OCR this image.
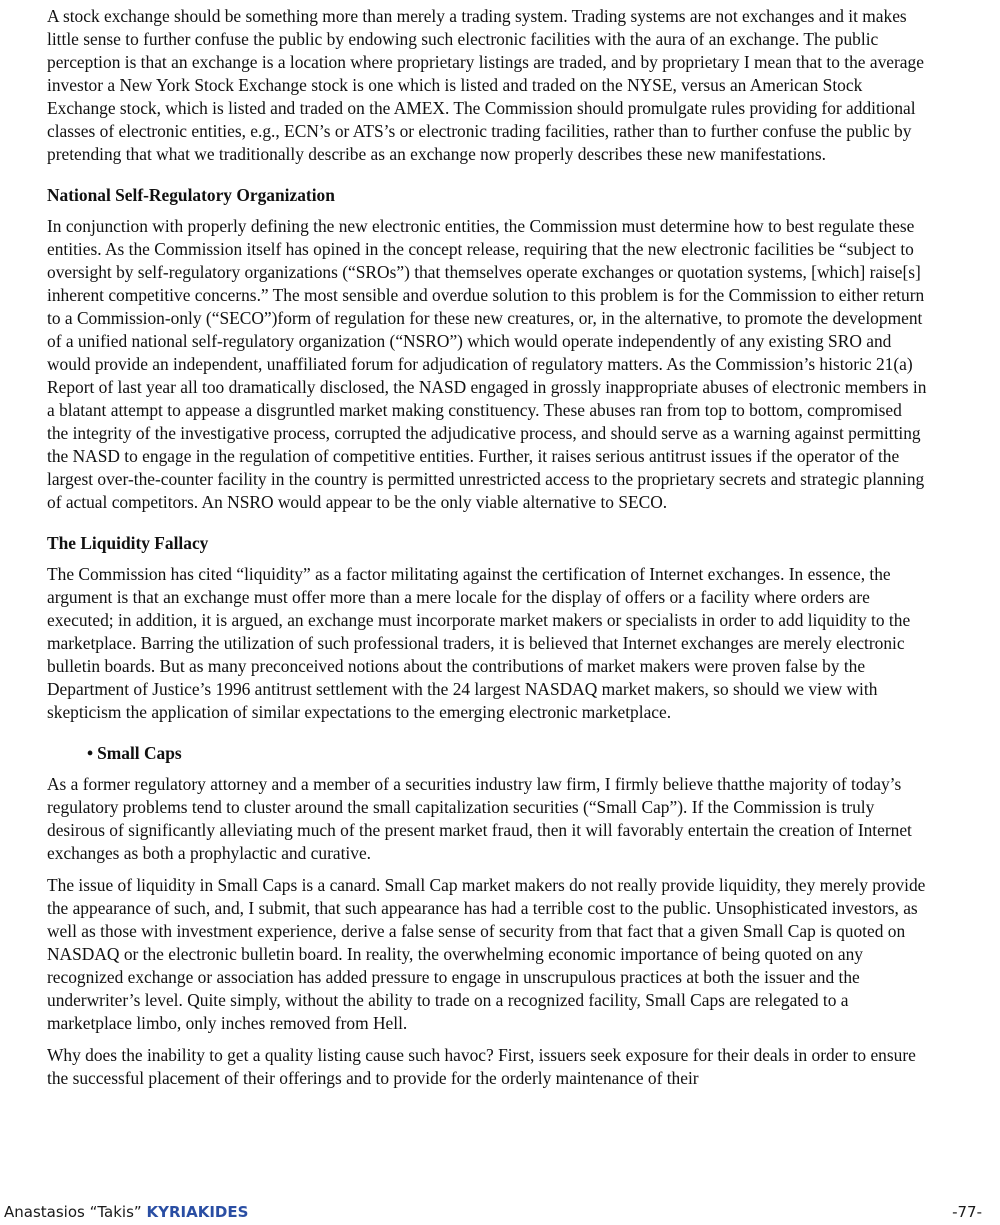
A stock exchange should be something more than merely a trading system. Trading systems are not exchanges and it makes little sense to further confuse the public by endowing such electronic facilities with the aura of an exchange. The public perception is that an exchange is a location where proprietary listings are traded, and by proprietary I mean that to the average investor a New York Stock Exchange stock is one which is listed and traded on the NYSE, versus an American Stock Exchange stock, which is listed and traded on the AMEX. The Commission should promulgate rules providing for additional classes of electronic entities, e.g., ECN’s or ATS’s or electronic trading facilities, rather than to further confuse the public by pretending that what we traditionally describe as an exchange now properly describes these new manifestations.

National Self-Regulatory Organization

In conjunction with properly defining the new electronic entities, the Commission must determine how to best regulate these entities. As the Commission itself has opined in the concept release, requiring that the new electronic facilities be “subject to oversight by self-regulatory organizations (“SROs”) that themselves operate exchanges or quotation systems, [which] raise[s] inherent competitive concerns.” The most sensible and overdue solution to this problem is for the Commission to either return to a Commission-only (“SECO”)form of regulation for these new creatures, or, in the alternative, to promote the development of a unified national self-regulatory organization (“NSRO”) which would operate independently of any existing SRO and would provide an independent, unaffiliated forum for adjudication of regulatory matters. As the Commission’s historic 21(a) Report of last year all too dramatically disclosed, the NASD engaged in grossly inappropriate abuses of electronic members in a blatant attempt to appease a disgruntled market making constituency. These abuses ran from top to bottom, compromised the integrity of the investigative process, corrupted the adjudicative process, and should serve as a warning against permitting the NASD to engage in the regulation of competitive entities. Further, it raises serious antitrust issues if the operator of the largest over-the-counter facility in the country is permitted unrestricted access to the proprietary secrets and strategic planning of actual competitors. An NSRO would appear to be the only viable alternative to SECO.

The Liquidity Fallacy

The Commission has cited “liquidity” as a factor militating against the certification of Internet exchanges. In essence, the argument is that an exchange must offer more than a mere locale for the display of offers or a facility where orders are executed; in addition, it is argued, an exchange must incorporate market makers or specialists in order to add liquidity to the marketplace. Barring the utilization of such professional traders, it is believed that Internet exchanges are merely electronic bulletin boards. But as many preconceived notions about the contributions of market makers were proven false by the Department of Justice’s 1996 antitrust settlement with the 24 largest NASDAQ market makers, so should we view with skepticism the application of similar expectations to the emerging electronic marketplace.

• Small Caps

As a former regulatory attorney and a member of a securities industry law firm, I firmly believe thatthe majority of today’s regulatory problems tend to cluster around the small capitalization securities (“Small Cap”). If the Commission is truly desirous of significantly alleviating much of the present market fraud, then it will favorably entertain the creation of Internet exchanges as both a prophylactic and curative.

The issue of liquidity in Small Caps is a canard. Small Cap market makers do not really provide liquidity, they merely provide the appearance of such, and, I submit, that such appearance has had a terrible cost to the public. Unsophisticated investors, as well as those with investment experience, derive a false sense of security from that fact that a given Small Cap is quoted on NASDAQ or the electronic bulletin board. In reality, the overwhelming economic importance of being quoted on any recognized exchange or association has added pressure to engage in unscrupulous practices at both the issuer and the underwriter’s level. Quite simply, without the ability to trade on a recognized facility, Small Caps are relegated to a marketplace limbo, only inches removed from Hell.

Why does the inability to get a quality listing cause such havoc? First, issuers seek exposure for their deals in order to ensure the successful placement of their offerings and to provide for the orderly maintenance of their

Anastasios “Takis” KYRIAKIDES	-77-
